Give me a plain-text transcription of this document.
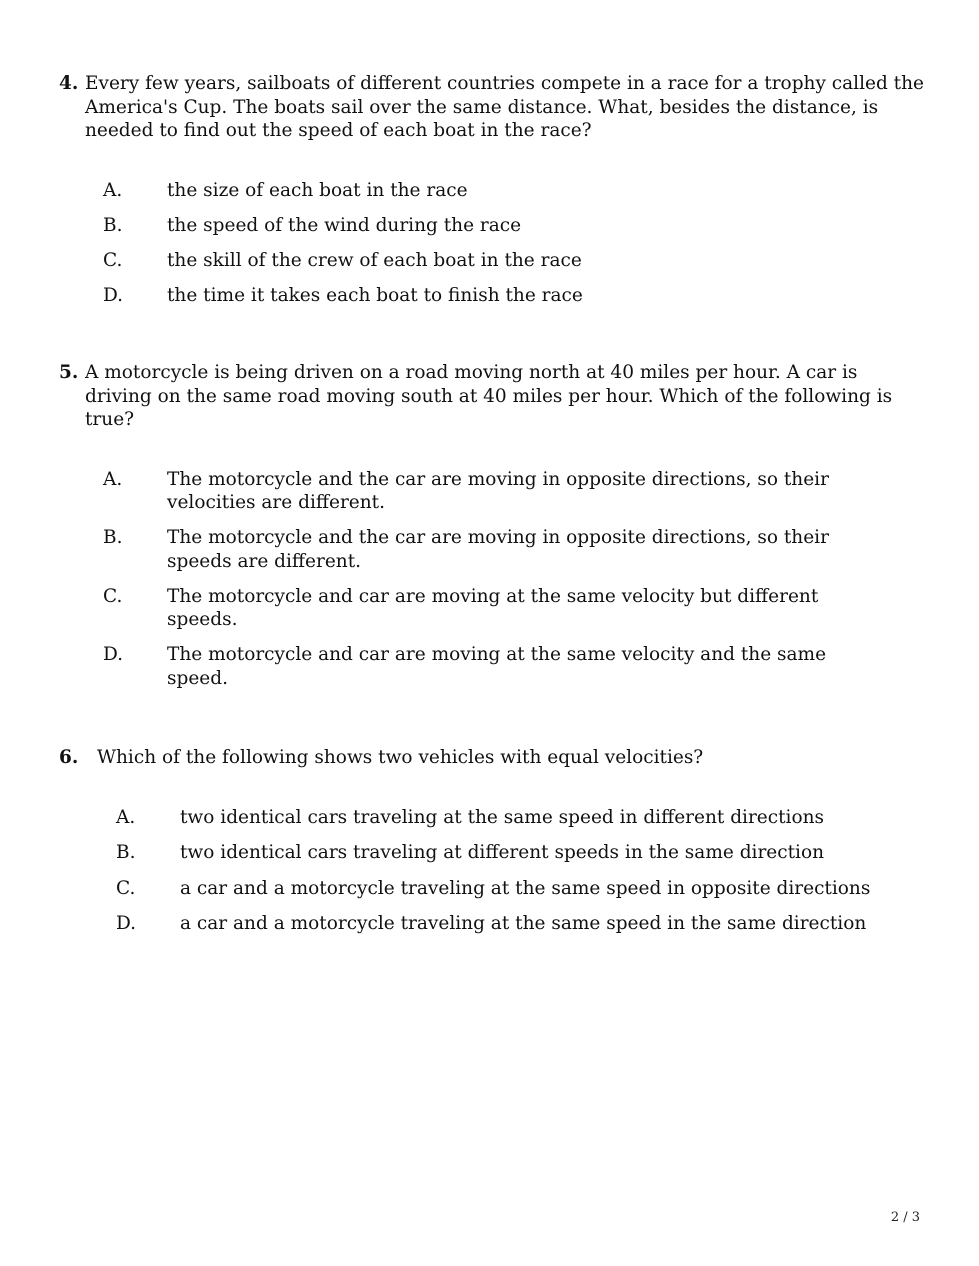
4. Every few years, sailboats of different countries compete in a race for a trophy called the America's Cup. The boats sail over the same distance. What, besides the distance, is needed to find out the speed of each boat in the race?
A.	the size of each boat in the race
B.	the speed of the wind during the race
C.	the skill of the crew of each boat in the race
D.	the time it takes each boat to finish the race
5. A motorcycle is being driven on a road moving north at 40 miles per hour. A car is driving on the same road moving south at 40 miles per hour. Which of the following is true?
A.	The motorcycle and the car are moving in opposite directions, so their velocities are different.
B.	The motorcycle and the car are moving in opposite directions, so their speeds are different.
C.	The motorcycle and car are moving at the same velocity but different speeds.
D.	The motorcycle and car are moving at the same velocity and the same speed.
6.	Which of the following shows two vehicles with equal velocities?
A.	two identical cars traveling at the same speed in different directions
B.	two identical cars traveling at different speeds in the same direction
C.	a car and a motorcycle traveling at the same speed in opposite directions
D.	a car and a motorcycle traveling at the same speed in the same direction
2 / 3
